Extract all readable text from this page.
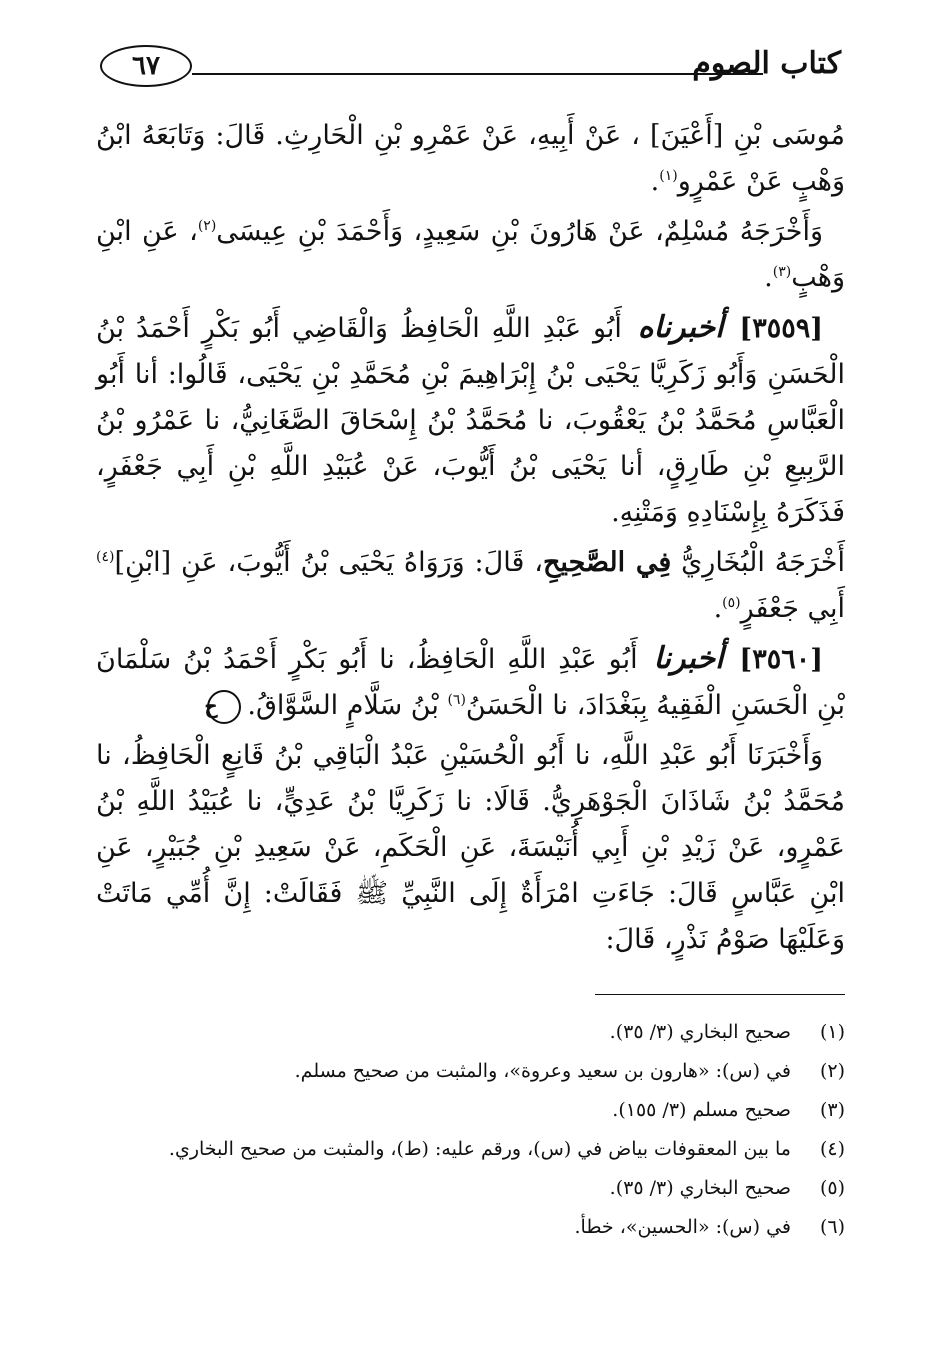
كتاب الصوم
٦٧

مُوسَى بْنِ [أَعْيَنَ] ، عَنْ أَبِيهِ، عَنْ عَمْرِو بْنِ الْحَارِثِ. قَالَ: وَتَابَعَهُ ابْنُ وَهْبٍ عَنْ عَمْرٍو$^{(١)}$.

وَأَخْرَجَهُ مُسْلِمٌ، عَنْ هَارُونَ بْنِ سَعِيدٍ، وَأَحْمَدَ بْنِ عِيسَى$^{(٢)}$، عَنِ ابْنِ وَهْبٍ$^{(٣)}$.

[٣٥٥٩] أخبرناه أَبُو عَبْدِ اللَّهِ الْحَافِظُ وَالْقَاضِي أَبُو بَكْرٍ أَحْمَدُ بْنُ الْحَسَنِ وَأَبُو زَكَرِيَّا يَحْيَى بْنُ إِبْرَاهِيمَ بْنِ مُحَمَّدِ بْنِ يَحْيَى، قَالُوا: أنا أَبُو الْعَبَّاسِ مُحَمَّدُ بْنُ يَعْقُوبَ، نا مُحَمَّدُ بْنُ إِسْحَاقَ الصَّغَانِيُّ، نا عَمْرُو بْنُ الرَّبِيعِ بْنِ طَارِقٍ، أنا يَحْيَى بْنُ أَيُّوبَ، عَنْ عُبَيْدِ اللَّهِ بْنِ أَبِي جَعْفَرٍ، فَذَكَرَهُ بِإِسْنَادِهِ وَمَتْنِهِ.

أَخْرَجَهُ الْبُخَارِيُّ فِي الصَّحِيحِ، قَالَ: وَرَوَاهُ يَحْيَى بْنُ أَيُّوبَ، عَنِ [ابْنِ]$^{(٤)}$ أَبِي جَعْفَرٍ$^{(٥)}$.

[٣٥٦٠] أخبرنا أَبُو عَبْدِ اللَّهِ الْحَافِظُ، نا أَبُو بَكْرٍ أَحْمَدُ بْنُ سَلْمَانَ بْنِ الْحَسَنِ الْفَقِيهُ بِبَغْدَادَ، نا الْحَسَنُ$^{(٦)}$ بْنُ سَلَّامٍ السَّوَّاقُ.ح

وَأَخْبَرَنَا أَبُو عَبْدِ اللَّهِ، نا أَبُو الْحُسَيْنِ عَبْدُ الْبَاقِي بْنُ قَانِعٍ الْحَافِظُ، نا مُحَمَّدُ بْنُ شَاذَانَ الْجَوْهَرِيُّ. قَالَا: نا زَكَرِيَّا بْنُ عَدِيٍّ، نا عُبَيْدُ اللَّهِ بْنُ عَمْرٍو، عَنْ زَيْدِ بْنِ أَبِي أُنَيْسَةَ، عَنِ الْحَكَمِ، عَنْ سَعِيدِ بْنِ جُبَيْرٍ، عَنِ ابْنِ عَبَّاسٍ قَالَ: جَاءَتِ امْرَأَةٌ إِلَى النَّبِيِّ ﷺ فَقَالَتْ: إِنَّ أُمِّي مَاتَتْ وَعَلَيْهَا صَوْمُ نَذْرٍ، قَالَ:

(١)
صحيح البخاري (٣/ ٣٥).
(٢)
في (س): «هارون بن سعيد وعروة»، والمثبت من صحيح مسلم.
(٣)
صحيح مسلم (٣/ ١٥٥).
(٤)
ما بين المعقوفات بياض في (س)، ورقم عليه: (ط)، والمثبت من صحيح البخاري.
(٥)
صحيح البخاري (٣/ ٣٥).
(٦)
في (س): «الحسين»، خطأ.
